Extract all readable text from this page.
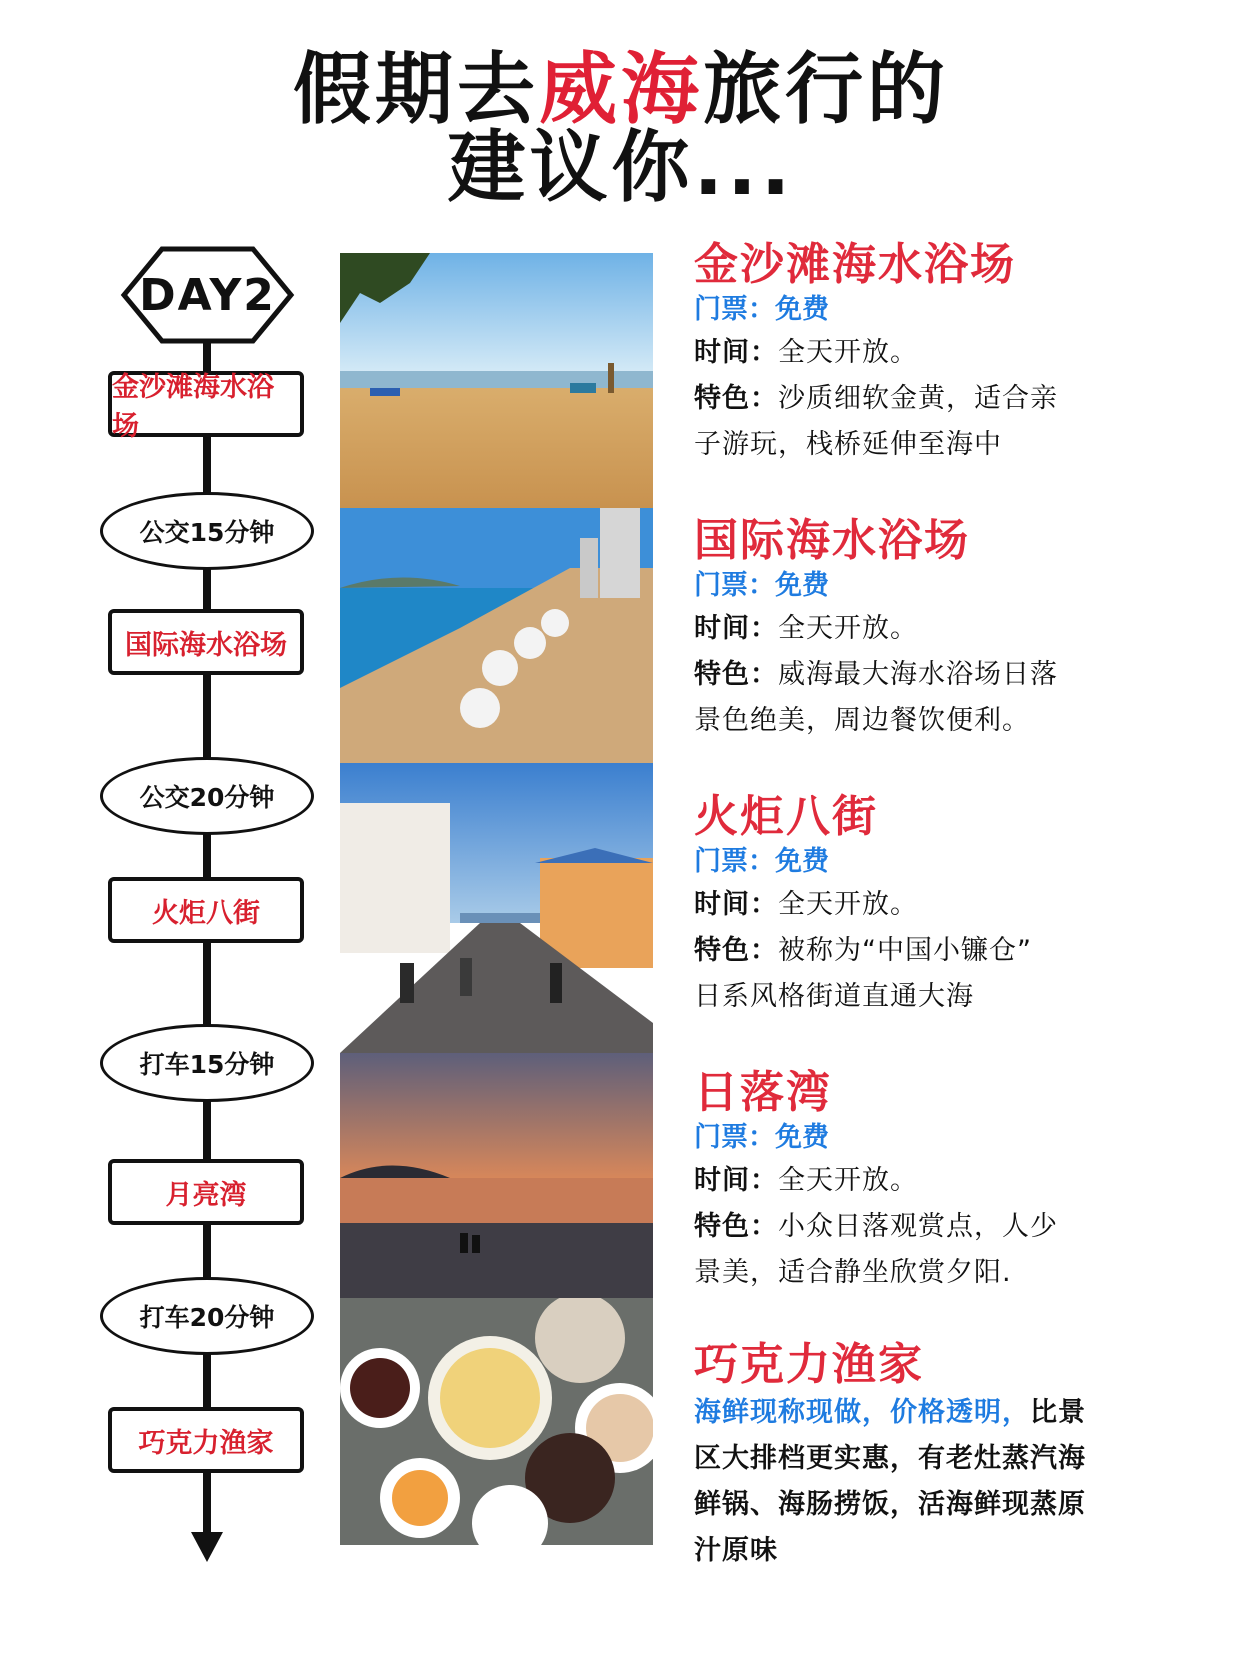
假期去威海旅行的
建议你...
DAY2
金沙滩海水浴场
公交15分钟
国际海水浴场
公交20分钟
火炬八街
打车15分钟
月亮湾
打车20分钟
巧克力渔家
金沙滩海水浴场
门票：免费
时间：全天开放。
特色：沙质细软金黄，适合亲
子游玩，栈桥延伸至海中
国际海水浴场
门票：免费
时间：全天开放。
特色：威海最大海水浴场日落
景色绝美，周边餐饮便利。
火炬八街
门票：免费
时间：全天开放。
特色：被称为“中国小镰仓”
日系风格街道直通大海
日落湾
门票：免费
时间：全天开放。
特色：小众日落观赏点，人少
景美，适合静坐欣赏夕阳.
巧克力渔家
海鲜现称现做，价格透明，比景
区大排档更实惠，有老灶蒸汽海
鲜锅、海肠捞饭，活海鲜现蒸原
汁原味
